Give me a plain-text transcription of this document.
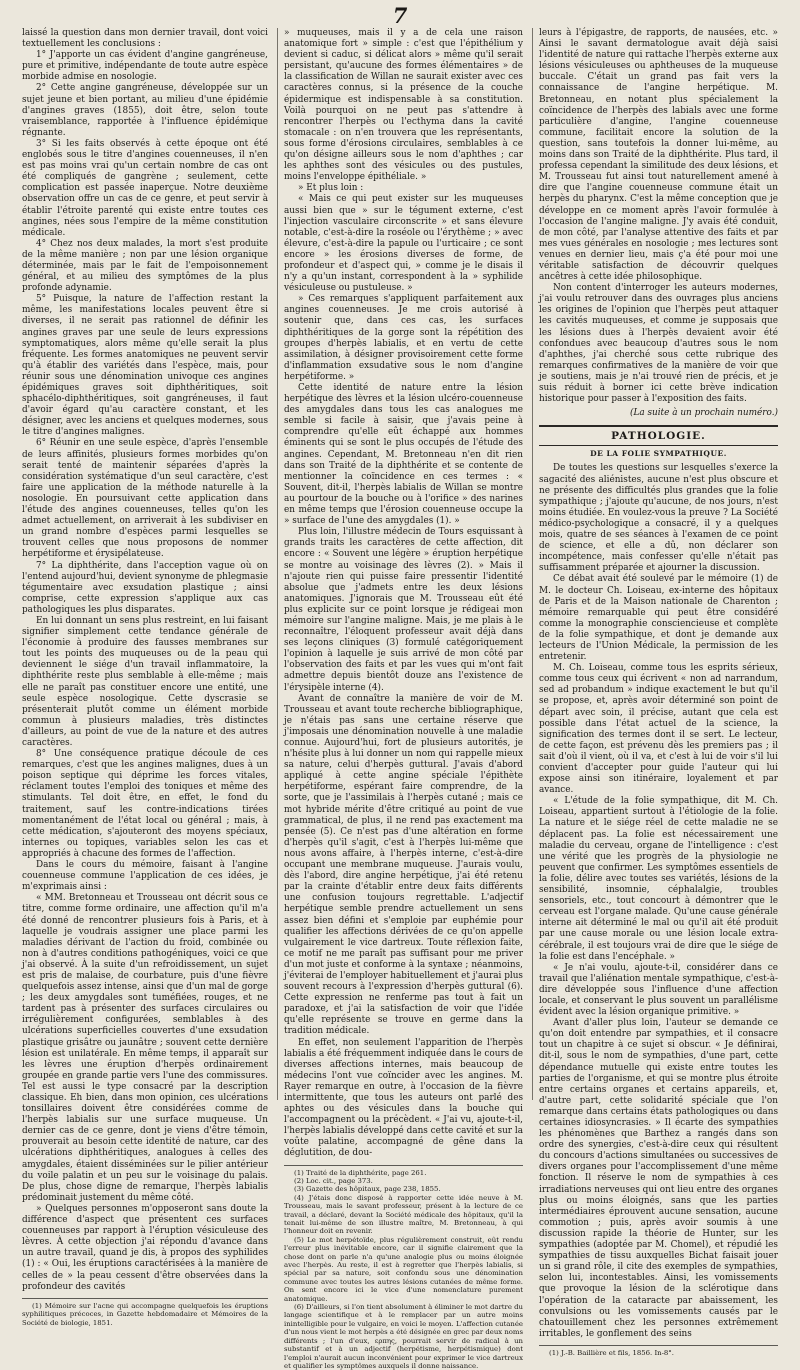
7

laissé la question dans mon dernier travail, dont voici textuellement les conclusions :

1° J'apporte un cas évident d'angine gangréneuse, pure et primitive, indépendante de toute autre espèce morbide admise en nosologie.

2° Cette angine gangréneuse, développée sur un sujet jeune et bien portant, au milieu d'une épidémie d'angines graves (1855), doit être, selon toute vraisemblance, rapportée à l'influence épidémique régnante.

3° Si les faits observés à cette époque ont été englobés sous le titre d'angines couenneuses, il n'en est pas moins vrai qu'un certain nombre de cas ont été compliqués de gangrène ; seulement, cette complication est passée inaperçue. Notre deuxième observation offre un cas de ce genre, et peut servir à établir l'étroite parenté qui existe entre toutes ces angines, nées sous l'empire de la même constitution médicale.

4° Chez nos deux malades, la mort s'est produite de la même manière ; non par une lésion organique déterminée, mais par le fait de l'empoisonnement général, et au milieu des symptômes de la plus profonde adynamie.

5° Puisque, la nature de l'affection restant la même, les manifestations locales peuvent être si diverses, il ne serait pas rationnel de définir les angines graves par une seule de leurs expressions symptomatiques, alors même qu'elle serait la plus fréquente. Les formes anatomiques ne peuvent servir qu'à établir des variétés dans l'espèce, mais, pour réunir sous une dénomination univoque ces angines épidémiques graves soit diphthéritiques, soit sphacélo-diphthéritiques, soit gangréneuses, il faut d'avoir égard qu'au caractère constant, et les désigner, avec les anciens et quelques modernes, sous le titre d'angines malignes.

6° Réunir en une seule espèce, d'après l'ensemble de leurs affinités, plusieurs formes morbides qu'on serait tenté de maintenir séparées d'après la considération systématique d'un seul caractère, c'est faire une application de la méthode naturelle à la nosologie. En poursuivant cette application dans l'étude des angines couenneuses, telles qu'on les admet actuellement, on arriverait à les subdiviser en un grand nombre d'espèces parmi lesquelles se trouvent celles que nous proposons de nommer herpétiforme et érysipélateuse.

7° La diphthérite, dans l'acception vague où on l'entend aujourd'hui, devient synonyme de phlegmasie tégumentaire avec exsudation plastique ; ainsi comprise, cette expression s'applique aux cas pathologiques les plus disparates.

En lui donnant un sens plus restreint, en lui faisant signifier simplement cette tendance générale de l'économie à produire des fausses membranes sur tout les points des muqueuses ou de la peau qui deviennent le siége d'un travail inflammatoire, la diphthérite reste plus semblable à elle-même ; mais elle ne paraît pas constituer encore une entité, une seule espèce nosologique. Cette dyscrasie se présenterait plutôt comme un élément morbide commun à plusieurs maladies, très distinctes d'ailleurs, au point de vue de la nature et des autres caractères.

8° Une conséquence pratique découle de ces remarques, c'est que les angines malignes, dues à un poison septique qui déprime les forces vitales, réclament toutes l'emploi des toniques et même des stimulants. Tel doit être, en effet, le fond du traitement, sauf les contre-indications tirées momentanément de l'état local ou général ; mais, à cette médication, s'ajouteront des moyens spéciaux, internes ou topiques, variables selon les cas et appropriés à chacune des formes de l'affection.

Dans le cours du mémoire, faisant à l'angine couenneuse commune l'application de ces idées, je m'exprimais ainsi :

« MM. Bretonneau et Trousseau ont décrit sous ce titre, comme forme ordinaire, une affection qu'il m'a été donné de rencontrer plusieurs fois à Paris, et à laquelle je voudrais assigner une place parmi les maladies dérivant de l'action du froid, combinée ou non à d'autres conditions pathogéniques, voici ce que j'ai observé. À la suite d'un refroidissement, un sujet est pris de malaise, de courbature, puis d'une fièvre quelquefois assez intense, ainsi que d'un mal de gorge ; les deux amygdales sont tuméfiées, rouges, et ne tardent pas à présenter des surfaces circulaires ou irrégulièrement configurées, semblables à des ulcérations superficielles couvertes d'une exsudation plastique grisâtre ou jaunâtre ; souvent cette dernière lésion est unilatérale. En même temps, il apparaît sur les lèvres une éruption d'herpès ordinairement groupée en grande partie vers l'une des commissures. Tel est aussi le type consacré par la description classique. Eh bien, dans mon opinion, ces ulcérations tonsillaires doivent être considérées comme de l'herpès labialis sur une surface muqueuse. Un dernier cas de ce genre, dont je viens d'être témoin, prouverait au besoin cette identité de nature, car des ulcérations diphthéritiques, analogues à celles des amygdales, étaient disséminées sur le pilier antérieur du voile palatin et un peu sur le voisinage du palais. De plus, chose digne de remarque, l'herpès labialis prédominait justement du même côté.

» Quelques personnes m'opposeront sans doute la différence d'aspect que présentent ces surfaces couenneuses par rapport à l'éruption vésiculeuse des lèvres. À cette objection j'ai répondu d'avance dans un autre travail, quand je dis, à propos des syphilides (1) : « Oui, les éruptions caractérisées à la manière de celles de » la peau cessent d'être observées dans la profondeur des cavités

(1) Mémoire sur l'acne qui accompagne quelquefois les éruptions syphilitiques précoces, in Gazette hebdomadaire et Mémoires de la Société de biologie, 1851.

» muqueuses, mais il y a de cela une raison anatomique fort » simple : c'est que l'épithélium y devient si caduc, si délicat alors » même qu'il serait persistant, qu'aucune des formes élémentaires » de la classification de Willan ne saurait exister avec ces caractères connus, si la présence de la couche épidermique est indispensable à sa constitution. Voilà pourquoi on ne peut pas s'attendre à rencontrer l'herpès ou l'ecthyma dans la cavité stomacale : on n'en trouvera que les représentants, sous forme d'érosions circulaires, semblables à ce qu'on désigne ailleurs sous le nom d'aphthes ; car les aphthes sont des vésicules ou des pustules, moins l'enveloppe épithéliale. »

» Et plus loin :

« Mais ce qui peut exister sur les muqueuses aussi bien que » sur le tégument externe, c'est l'injection vasculaire circonscrite » et sans élevure notable, c'est-à-dire la roséole ou l'érythème ; » avec élevure, c'est-à-dire la papule ou l'urticaire ; ce sont encore » les érosions diverses de forme, de profondeur et d'aspect qui, » comme je le disais il n'y a qu'un instant, correspondent à la » syphilide vésiculeuse ou pustuleuse. »

» Ces remarques s'appliquent parfaitement aux angines couenneuses. Je me crois autorisé à soutenir que, dans ces cas, les surfaces diphthéritiques de la gorge sont la répétition des groupes d'herpès labialis, et en vertu de cette assimilation, à désigner provisoirement cette forme d'inflammation exsudative sous le nom d'angine herpétiforme. »

Cette identité de nature entre la lésion herpétique des lèvres et la lésion ulcéro-couenneuse des amygdales dans tous les cas analogues me semble si facile à saisir, que j'avais peine à comprendre qu'elle eût échappé aux hommes éminents qui se sont le plus occupés de l'étude des angines. Cependant, M. Bretonneau n'en dit rien dans son Traité de la diphthérite et se contente de mentionner la coïncidence en ces termes : « Souvent, dit-il, l'herpès labialis de Willan se montre au pourtour de la bouche ou à l'orifice » des narines en même temps que l'érosion couenneuse occupe la » surface de l'une des amygdales (1). »

Plus loin, l'illustre médecin de Tours esquissant à grands traits les caractères de cette affection, dit encore : « Souvent une légère » éruption herpétique se montre au voisinage des lèvres (2). » Mais il n'ajoute rien qui puisse faire pressentir l'identité absolue que j'admets entre les deux lésions anatomiques. J'ignorais que M. Trousseau eût été plus explicite sur ce point lorsque je rédigeai mon mémoire sur l'angine maligne. Mais, je me plais à le reconnaître, l'éloquent professeur avait déjà dans ses leçons cliniques (3) formulé catégoriquement l'opinion à laquelle je suis arrivé de mon côté par l'observation des faits et par les vues qui m'ont fait admettre depuis bientôt douze ans l'existence de l'érysipèle interne (4).

Avant de connaître la manière de voir de M. Trousseau et avant toute recherche bibliographique, je n'étais pas sans une certaine réserve que j'imposais une dénomination nouvelle à une maladie connue. Aujourd'hui, fort de plusieurs autorités, je n'hésite plus à lui donner un nom qui rappelle mieux sa nature, celui d'herpès guttural. J'avais d'abord appliqué à cette angine spéciale l'épithète herpétiforme, espérant faire comprendre, de la sorte, que je l'assimilais à l'herpès cutané ; mais ce mot hybride mérite d'être critiqué au point de vue grammatical, de plus, il ne rend pas exactement ma pensée (5). Ce n'est pas d'une altération en forme d'herpès qu'il s'agit, c'est à l'herpès lui-même que nous avons affaire, à l'herpès interne, c'est-à-dire occupant une membrane muqueuse. J'aurais voulu, dès l'abord, dire angine herpétique, j'ai été retenu par la crainte d'établir entre deux faits différents une confusion toujours regrettable. L'adjectif herpétique semble prendre actuellement un sens assez bien défini et s'emploie par euphémie pour qualifier les affections dérivées de ce qu'on appelle vulgairement le vice dartreux. Toute réflexion faite, ce motif ne me paraît pas suffisant pour me priver d'un mot juste et conforme à la syntaxe ; néanmoins, j'éviterai de l'employer habituellement et j'aurai plus souvent recours à l'expression d'herpès guttural (6). Cette expression ne renferme pas tout à fait un paradoxe, et j'ai la satisfaction de voir que l'idée qu'elle représente se trouve en germe dans la tradition médicale.

En effet, non seulement l'apparition de l'herpès labialis a été fréquemment indiquée dans le cours de diverses affections internes, mais beaucoup de médecins l'ont vue coïncider avec les angines. M. Rayer remarque en outre, à l'occasion de la fièvre intermittente, que tous les auteurs ont parlé des aphtes ou des vésicules dans la bouche qui l'accompagnent ou la précèdent. « J'ai vu, ajoute-t-il, l'herpès labialis développé dans cette cavité et sur la voûte palatine, accompagné de gêne dans la déglutition, de dou-

(1) Traité de la diphthérite, page 261.

(2) Loc. cit., page 373.

(3) Gazette des hôpitaux, page 238, 1855.

(4) J'étais donc disposé à rapporter cette idée neuve à M. Trousseau, mais le savant professeur, présent à la lecture de ce travail, a déclaré, devant la Société médicale des hôpitaux, qu'il la tenait lui-même de son illustre maître, M. Bretonneau, à qui l'honneur doit en revenir.

(5) Le mot herpétoïde, plus régulièrement construit, eût rendu l'erreur plus inévitable encore, car il signifie clairement que la chose dont on parle n'a qu'une analogie plus ou moins éloignée avec l'herpès. Au reste, il est à regretter que l'herpès labialis, si spécial par sa nature, soit confondu sous une dénomination commune avec toutes les autres lésions cutanées de même forme. On sent encore ici le vice d'une nomenclature purement anatomique.

(6) D'ailleurs, si l'on tient absolument à éliminer le mot dartre du langage scientifique et à le remplacer par un autre moins inintelligible pour le vulgaire, en voici le moyen. L'affection cutanée d'un nous vient le mot herpès a été désignée en grec par deux noms différents ; l'un d'eux, ερπης, pourrait servir de radical à un substantif et à un adjectif (herpétisme, herpétismique) dont l'emploi n'aurait aucun inconvénient pour exprimer le vice dartreux et qualifier les symptômes auxquels il donne naissance.

leurs à l'épigastre, de rapports, de nausées, etc. » Ainsi le savant dermatologue avait déjà saisi l'identité de nature qui rattache l'herpès externe aux lésions vésiculeuses ou aphtheuses de la muqueuse buccale. C'était un grand pas fait vers la connaissance de l'angine herpétique. M. Bretonneau, en notant plus spécialement la coïncidence de l'herpès des labials avec une forme particulière d'angine, l'angine couenneuse commune, facilitait encore la solution de la question, sans toutefois la donner lui-même, au moins dans son Traité de la diphthérite. Plus tard, il professa cependant la similitude des deux lésions, et M. Trousseau fut ainsi tout naturellement amené à dire que l'angine couenneuse commune était un herpès du pharynx. C'est la même conception que je développe en ce moment après l'avoir formulée à l'occasion de l'angine maligne. J'y avais été conduit, de mon côté, par l'analyse attentive des faits et par mes vues générales en nosologie ; mes lectures sont venues en dernier lieu, mais ç'a été pour moi une véritable satisfaction de découvrir quelques ancêtres à cette idée philosophique.

Non content d'interroger les auteurs modernes, j'ai voulu retrouver dans des ouvrages plus anciens les origines de l'opinion que l'herpès peut attaquer les cavités muqueuses, et comme je supposais que les lésions dues à l'herpès devaient avoir été confondues avec beaucoup d'autres sous le nom d'aphthes, j'ai cherché sous cette rubrique des remarques confirmatives de la manière de voir que je soutiens, mais je n'ai trouvé rien de précis, et je suis réduit à borner ici cette brève indication historique pour passer à l'exposition des faits.

(La suite à un prochain numéro.)
PATHOLOGIE.
DE LA FOLIE SYMPATHIQUE.

De toutes les questions sur lesquelles s'exerce la sagacité des aliénistes, aucune n'est plus obscure et ne présente des difficultés plus grandes que la folie sympathique ; j'ajoute qu'aucune, de nos jours, n'est moins étudiée. En voulez-vous la preuve ? La Société médico-psychologique a consacré, il y a quelques mois, quatre de ses séances à l'examen de ce point de science, et elle a dû, non déclarer son incompétence, mais confesser qu'elle n'était pas suffisamment préparée et ajourner la discussion.

Ce débat avait été soulevé par le mémoire (1) de M. le docteur Ch. Loiseau, ex-interne des hôpitaux de Paris et de la Maison nationale de Charenton ; mémoire remarquable qui peut être considéré comme la monographie consciencieuse et complète de la folie sympathique, et dont je demande aux lecteurs de l'Union Médicale, la permission de les entretenir.

M. Ch. Loiseau, comme tous les esprits sérieux, comme tous ceux qui écrivent « non ad narrandum, sed ad probandum » indique exactement le but qu'il se propose, et, après avoir déterminé son point de départ avec soin, il précise, autant que cela est possible dans l'état actuel de la science, la signification des termes dont il se sert. Le lecteur, de cette façon, est prévenu dès les premiers pas ; il sait d'où il vient, où il va, et c'est à lui de voir s'il lui convient d'accepter pour guide l'auteur qui lui expose ainsi son itinéraire, loyalement et par avance.

« L'étude de la folie sympathique, dit M. Ch. Loiseau, appartient surtout à l'étiologie de la folie. La nature et le siége réel de cette maladie ne se déplacent pas. La folie est nécessairement une maladie du cerveau, organe de l'intelligence : c'est une vérité que les progrès de la physiologie ne peuvent que confirmer. Les symptômes essentiels de la folie, délire avec toutes ses variétés, lésions de la sensibilité, insomnie, céphalalgie, troubles sensoriels, etc., tout concourt à démontrer que le cerveau est l'organe malade. Qu'une cause générale interne ait déterminé le mal ou qu'il ait été produit par une cause morale ou une lésion locale extra-cérébrale, il est toujours vrai de dire que le siége de la folie est dans l'encéphale. »

« Je n'ai voulu, ajoute-t-il, considérer dans ce travail que l'aliénation mentale sympathique, c'est-à-dire développée sous l'influence d'une affection locale, et conservant le plus souvent un parallélisme évident avec la lésion organique primitive. »

Avant d'aller plus loin, l'auteur se demande ce qu'on doit entendre par sympathies, et il consacre tout un chapitre à ce sujet si obscur. « Je définirai, dit-il, sous le nom de sympathies, d'une part, cette dépendance mutuelle qui existe entre toutes les parties de l'organisme, et qui se montre plus étroite entre certains organes et certains appareils, et, d'autre part, cette solidarité spéciale que l'on remarque dans certains états pathologiques ou dans certaines idiosyncrasies. » Il écarte des sympathies les phénomènes que Barthez a rangés dans son ordre des synergies, c'est-à-dire ceux qui résultent du concours d'actions simultanées ou successives de divers organes pour l'accomplissement d'une même fonction. Il réserve le nom de sympathies à ces irradiations nerveuses qui ont lieu entre des organes plus ou moins éloignés, sans que les parties intermédiaires éprouvent aucune sensation, aucune commotion ; puis, après avoir soumis à une discussion rapide la théorie de Hunter, sur les sympathies (adoptée par M. Chomel), et répudié les sympathies de tissu auxquelles Bichat faisait jouer un si grand rôle, il cite des exemples de sympathies, selon lui, incontestables. Ainsi, les vomissements que provoque la lésion de la sclérotique dans l'opération de la cataracte par abaissement, les convulsions ou les vomissements causés par le chatouillement chez les personnes extrêmement irritables, le gonflement des seins

(1) J.-B. Baillière et fils, 1856. In-8°.
